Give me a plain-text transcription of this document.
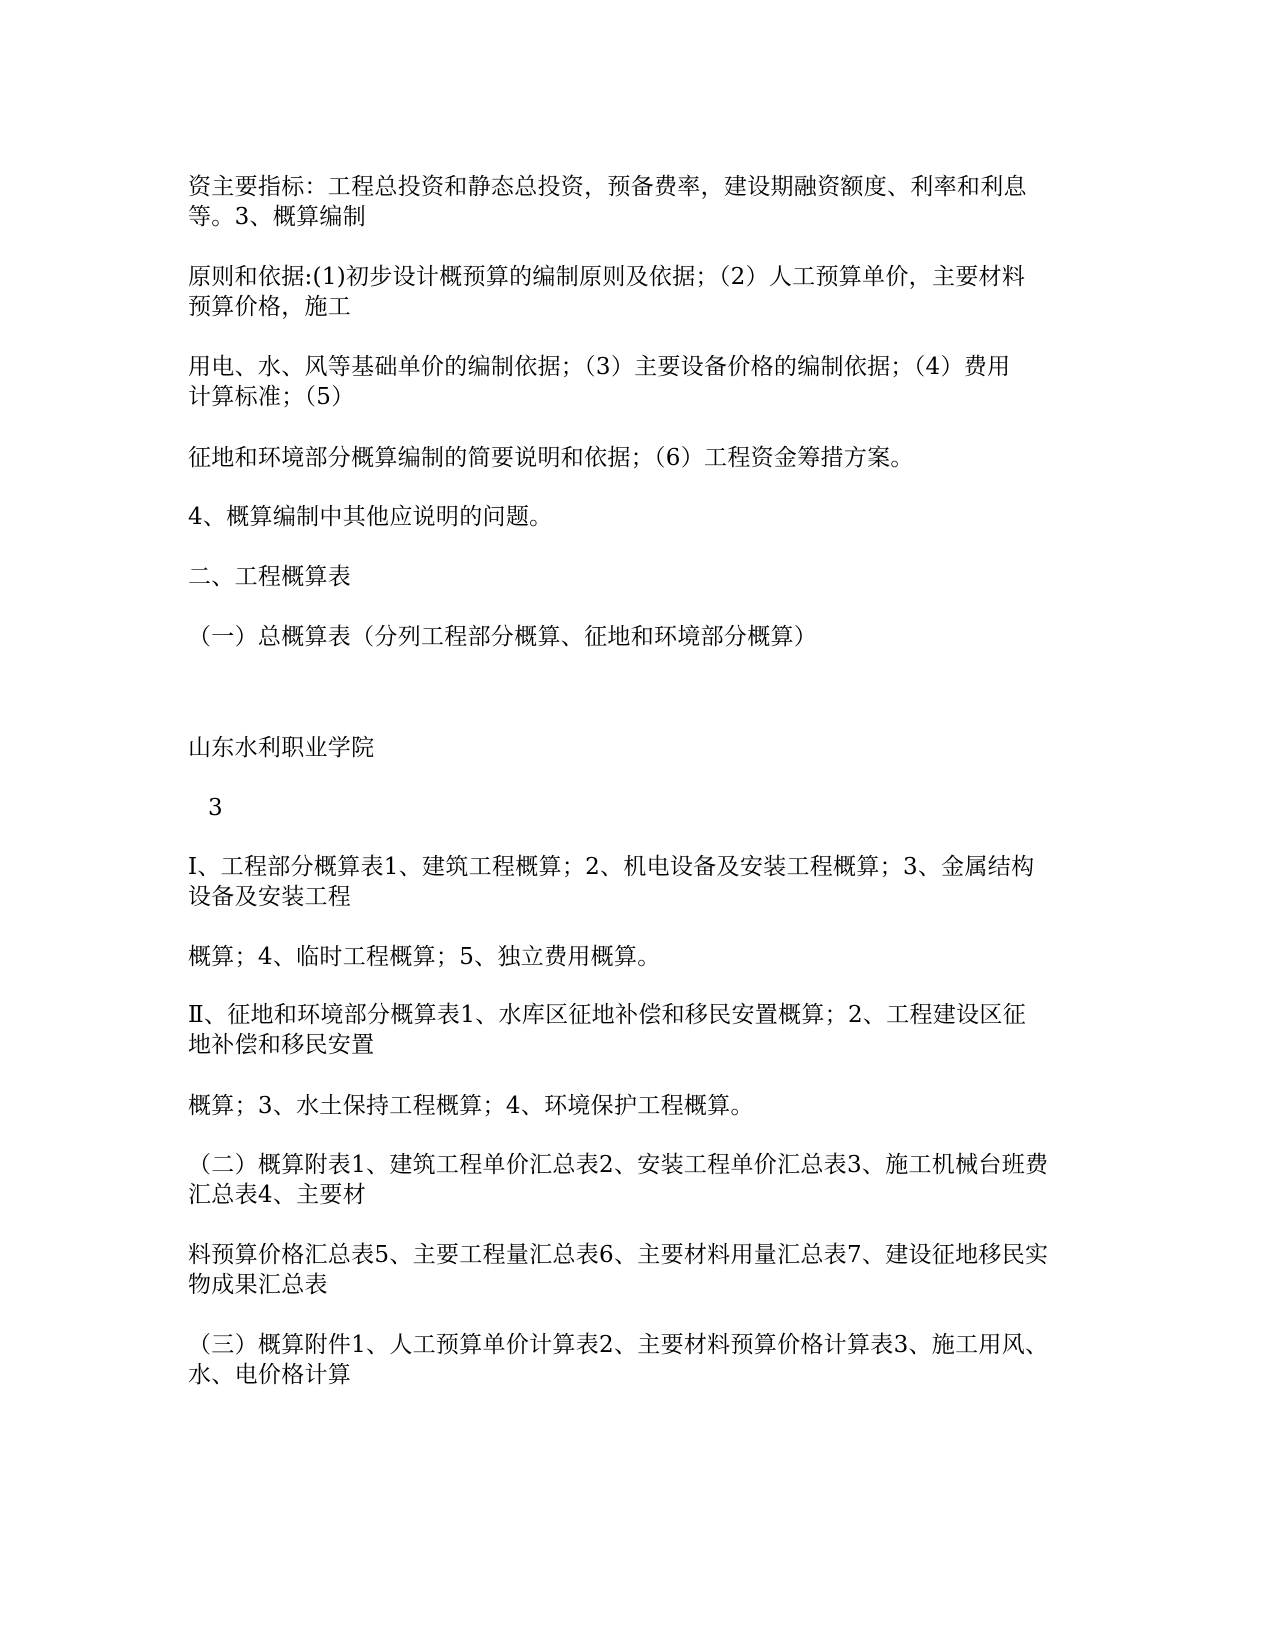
资主要指标：工程总投资和静态总投资，预备费率，建设期融资额度、利率和利息
等。3、概算编制
原则和依据:(1)初步设计概预算的编制原则及依据；（2）人工预算单价，主要材料
预算价格，施工
用电、水、风等基础单价的编制依据；（3）主要设备价格的编制依据；（4）费用
计算标准；（5）
征地和环境部分概算编制的简要说明和依据；（6）工程资金筹措方案。
4、概算编制中其他应说明的问题。
二、工程概算表
（一）总概算表（分列工程部分概算、征地和环境部分概算）
山东水利职业学院
3
Ⅰ、工程部分概算表1、建筑工程概算；2、机电设备及安装工程概算；3、金属结构
设备及安装工程
概算；4、临时工程概算；5、独立费用概算。
Ⅱ、征地和环境部分概算表1、水库区征地补偿和移民安置概算；2、工程建设区征
地补偿和移民安置
概算；3、水土保持工程概算；4、环境保护工程概算。
（二）概算附表1、建筑工程单价汇总表2、安装工程单价汇总表3、施工机械台班费
汇总表4、主要材
料预算价格汇总表5、主要工程量汇总表6、主要材料用量汇总表7、建设征地移民实
物成果汇总表
（三）概算附件1、人工预算单价计算表2、主要材料预算价格计算表3、施工用风、
水、电价格计算
